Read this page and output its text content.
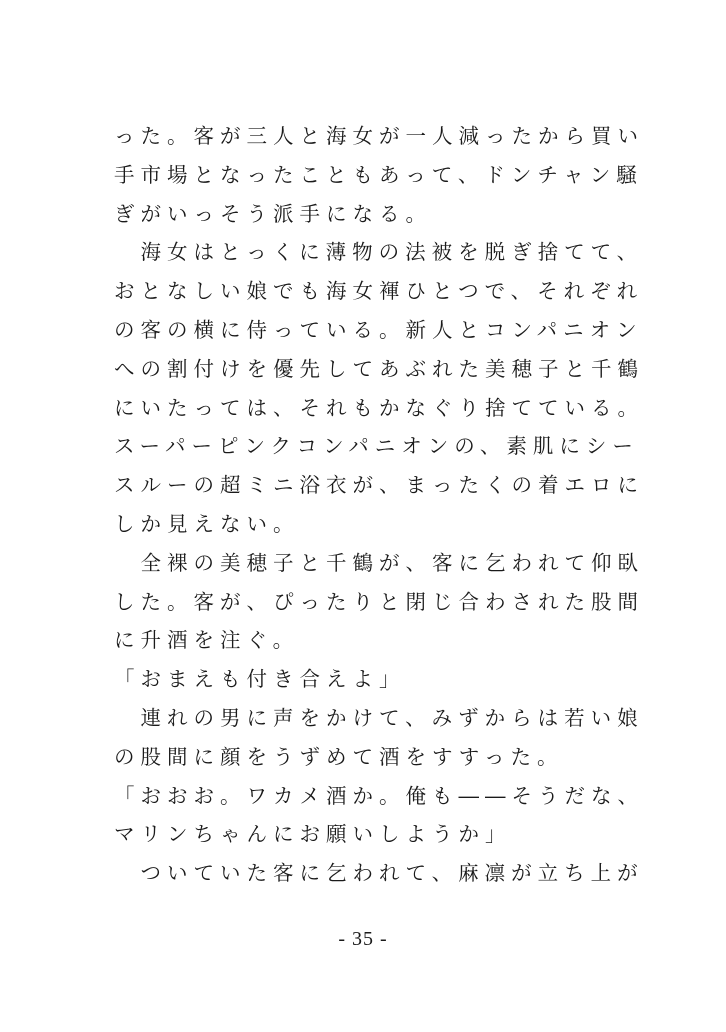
った。客が三人と海女が一人減ったから買い
手市場となったこともあって、ドンチャン騒
ぎがいっそう派手になる。
　海女はとっくに薄物の法被を脱ぎ捨てて、
おとなしい娘でも海女褌ひとつで、それぞれ
の客の横に侍っている。新人とコンパニオン
への割付けを優先してあぶれた美穂子と千鶴
にいたっては、それもかなぐり捨てている。
スーパーピンクコンパニオンの、素肌にシー
スルーの超ミニ浴衣が、まったくの着エロに
しか見えない。
　全裸の美穂子と千鶴が、客に乞われて仰臥
した。客が、ぴったりと閉じ合わされた股間
に升酒を注ぐ。
「おまえも付き合えよ」
　連れの男に声をかけて、みずからは若い娘
の股間に顔をうずめて酒をすすった。
「おおお。ワカメ酒か。俺も――そうだな、
マリンちゃんにお願いしようか」
　ついていた客に乞われて、麻凛が立ち上が
- 35 -
